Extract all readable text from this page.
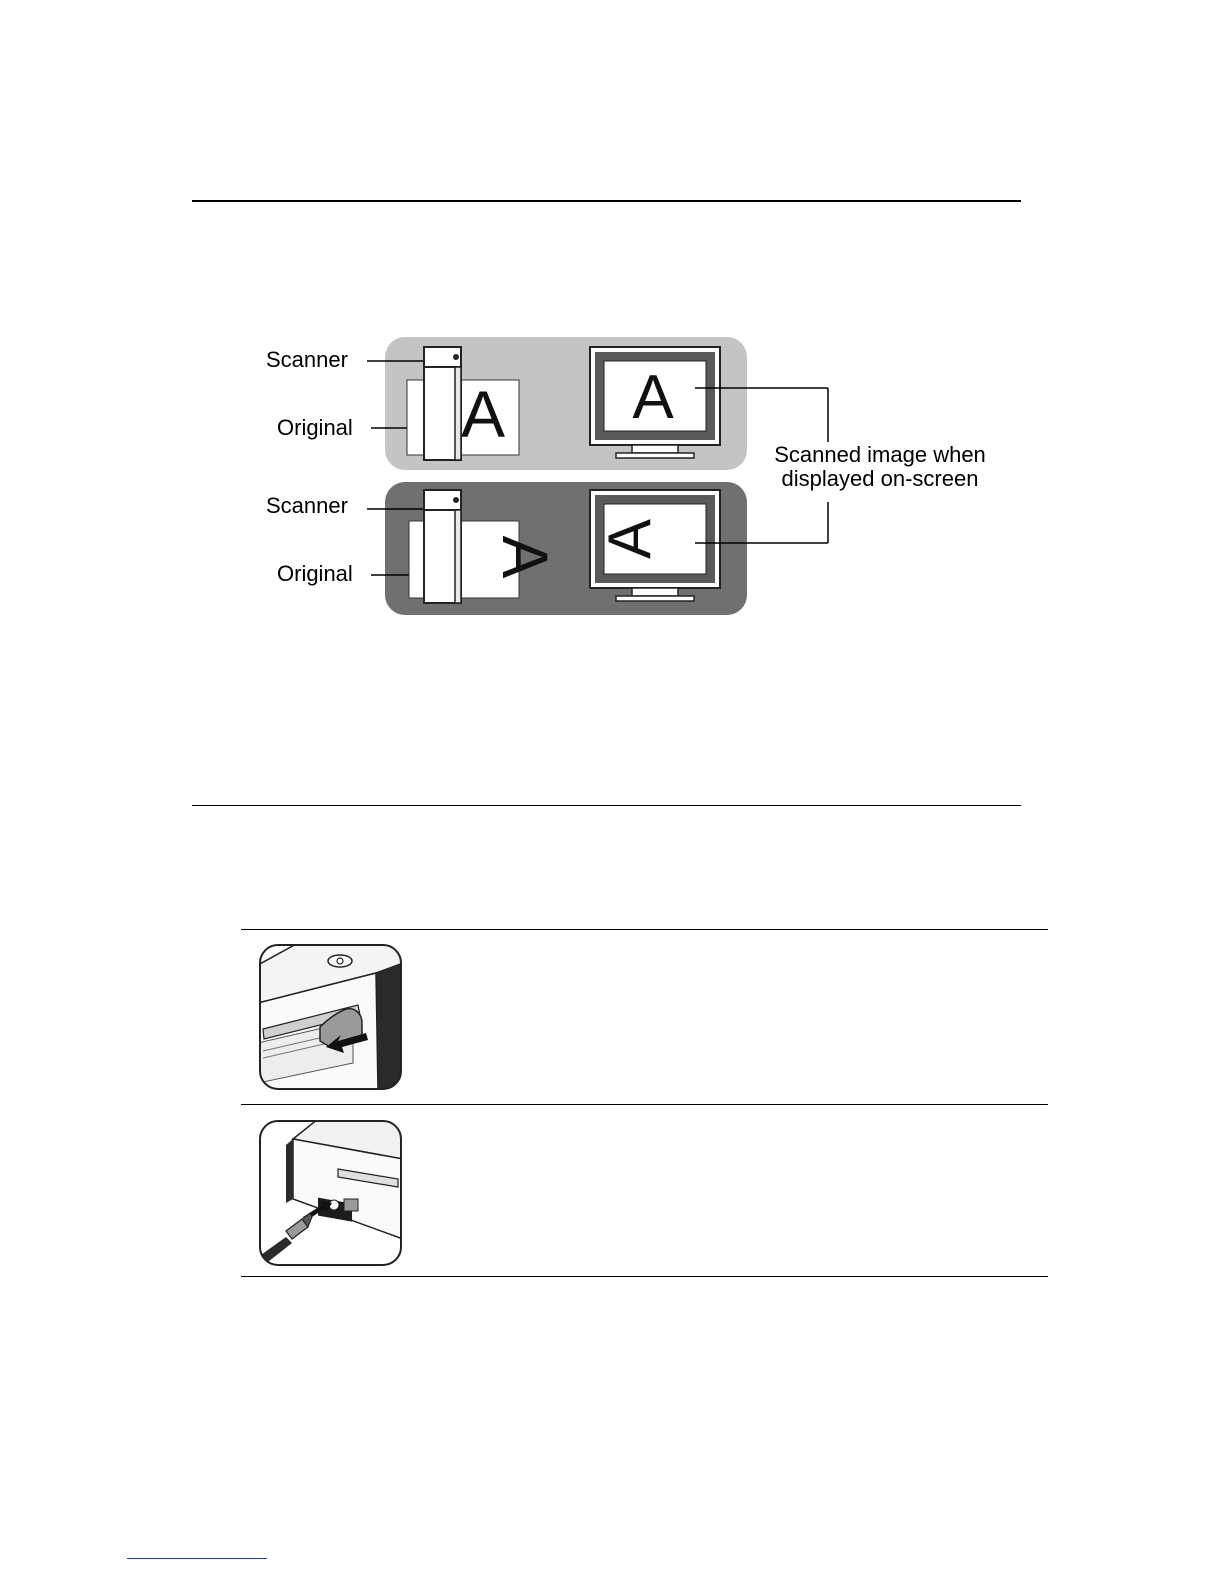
Scanner
Original A A
Scanner
Original A A
Scanned image when
displayed on-screen
